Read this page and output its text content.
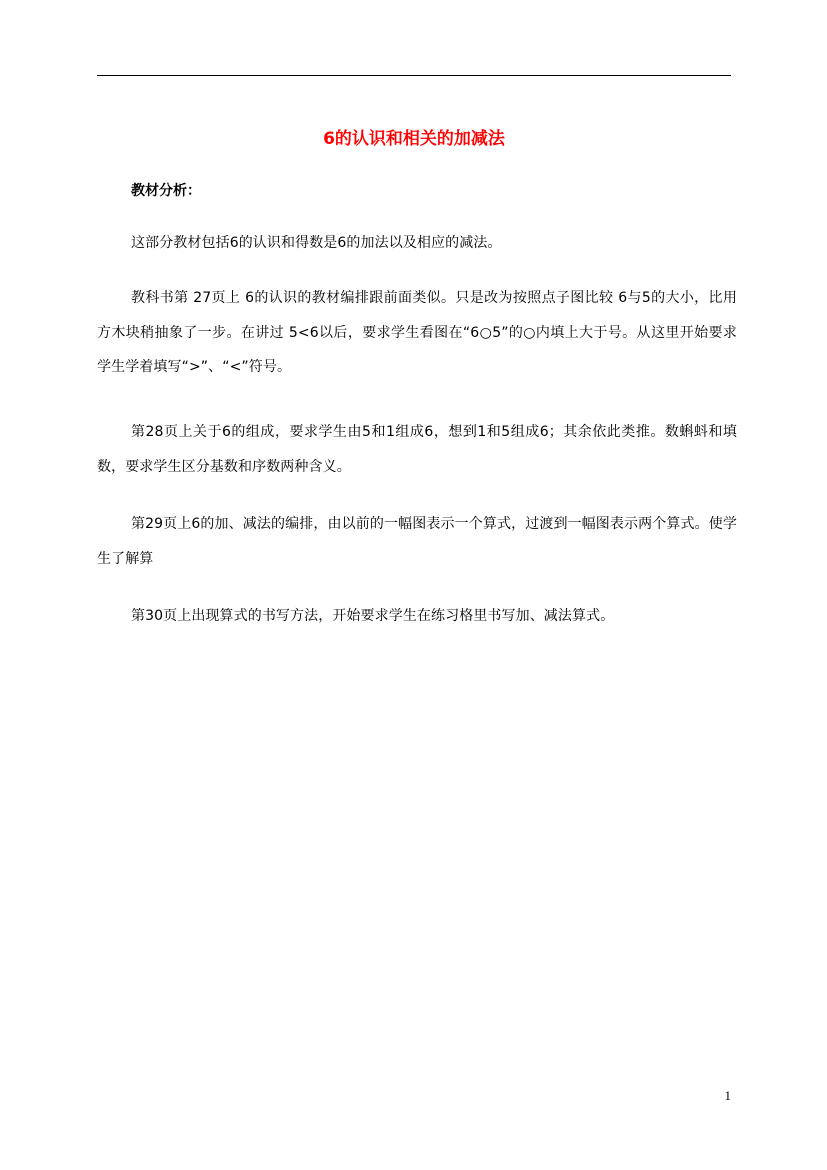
6的认识和相关的加减法
教材分析：
这部分教材包括6的认识和得数是6的加法以及相应的减法。
教科书第 27页上 6的认识的教材编排跟前面类似。只是改为按照点子图比较 6与5的大小，比用方木块稍抽象了一步。在讲过 5<6以后，要求学生看图在“6○5”的○内填上大于号。从这里开始要求学生学着填写“>”、“<”符号。
第28页上关于6的组成，要求学生由5和1组成6，想到1和5组成6；其余依此类推。数蝌蚪和填数，要求学生区分基数和序数两种含义。
第29页上6的加、减法的编排，由以前的一幅图表示一个算式，过渡到一幅图表示两个算式。使学生了解算
第30页上出现算式的书写方法，开始要求学生在练习格里书写加、减法算式。
1
